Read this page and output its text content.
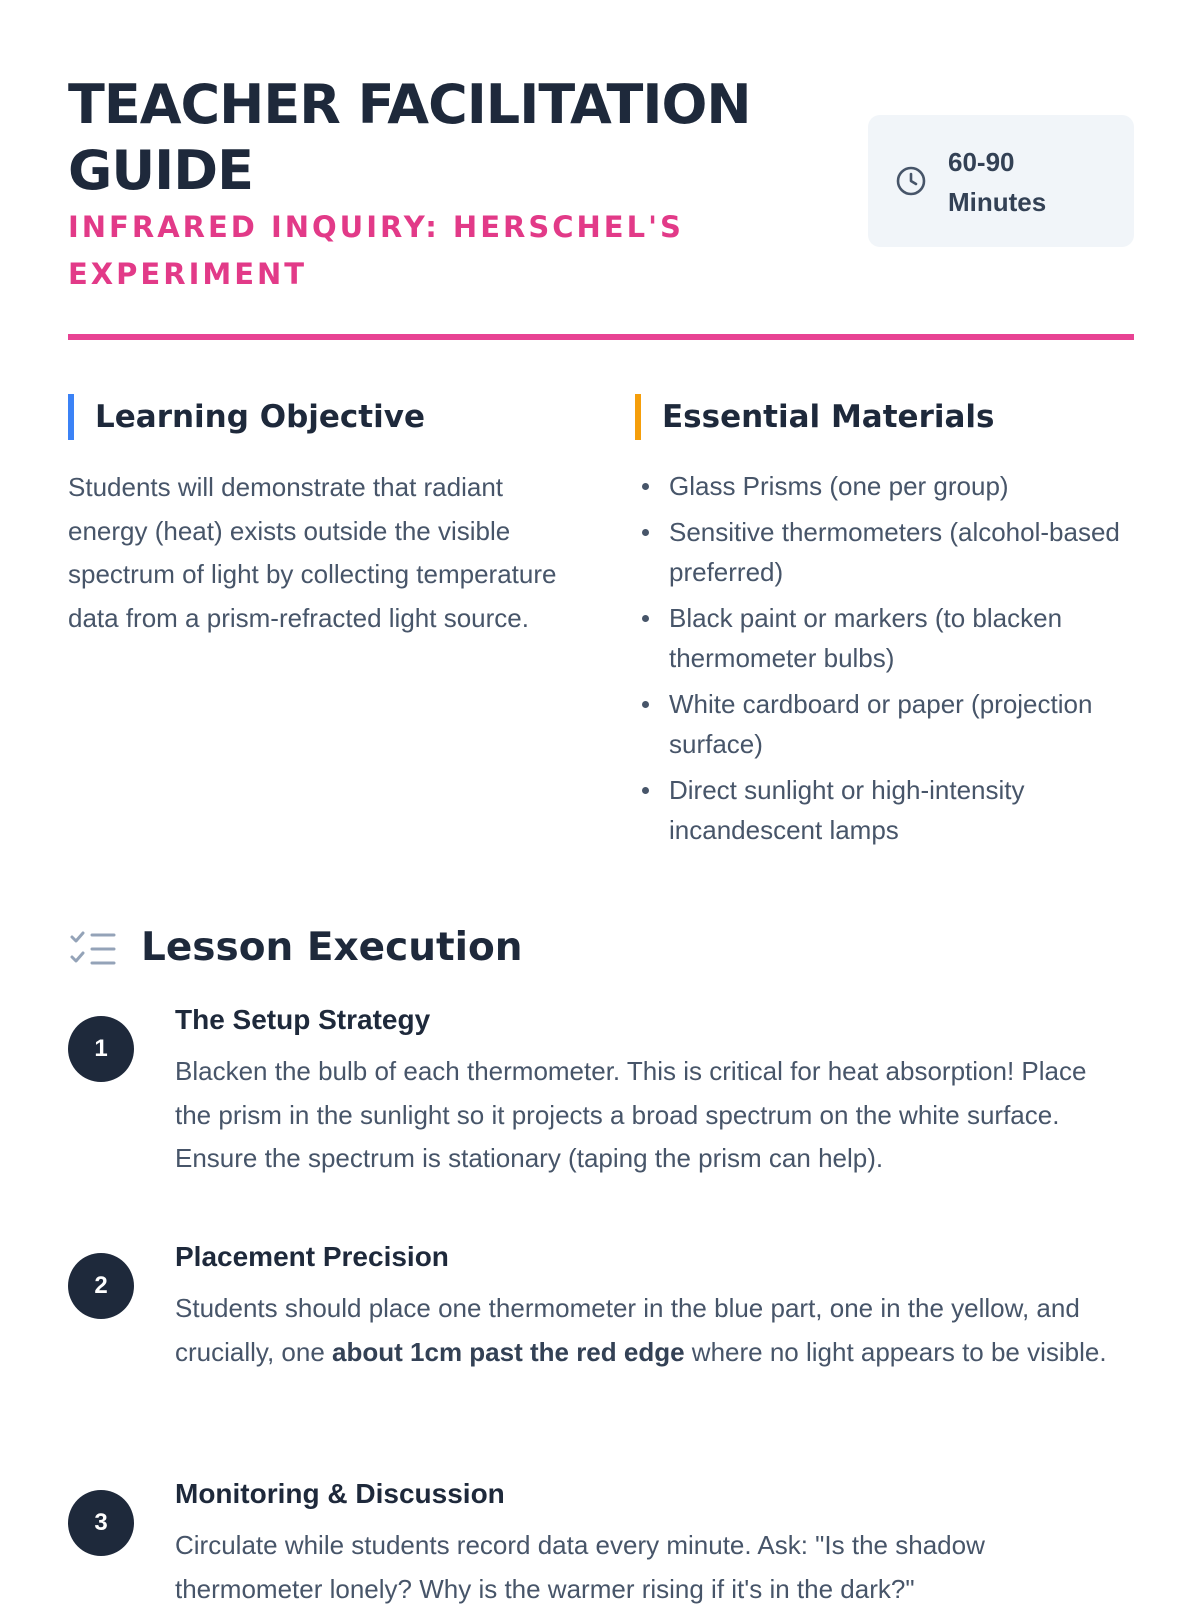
TEACHER FACILITATION GUIDE
INFRARED INQUIRY: HERSCHEL'S EXPERIMENT
60-90 Minutes
Learning Objective

Students will demonstrate that radiant energy (heat) exists outside the visible spectrum of light by collecting temperature data from a prism-refracted light source.

Essential Materials
Glass Prisms (one per group)
Sensitive thermometers (alcohol-based preferred)
Black paint or markers (to blacken thermometer bulbs)
White cardboard or paper (projection surface)
Direct sunlight or high-intensity incandescent lamps
Lesson Execution
1
The Setup Strategy

Blacken the bulb of each thermometer. This is critical for heat absorption! Place the prism in the sunlight so it projects a broad spectrum on the white surface. Ensure the spectrum is stationary (taping the prism can help).

2
Placement Precision

Students should place one thermometer in the blue part, one in the yellow, and crucially, one about 1cm past the red edge where no light appears to be visible.

3
Monitoring & Discussion

Circulate while students record data every minute. Ask: "Is the shadow thermometer lonely? Why is the warmer rising if it's in the dark?"
